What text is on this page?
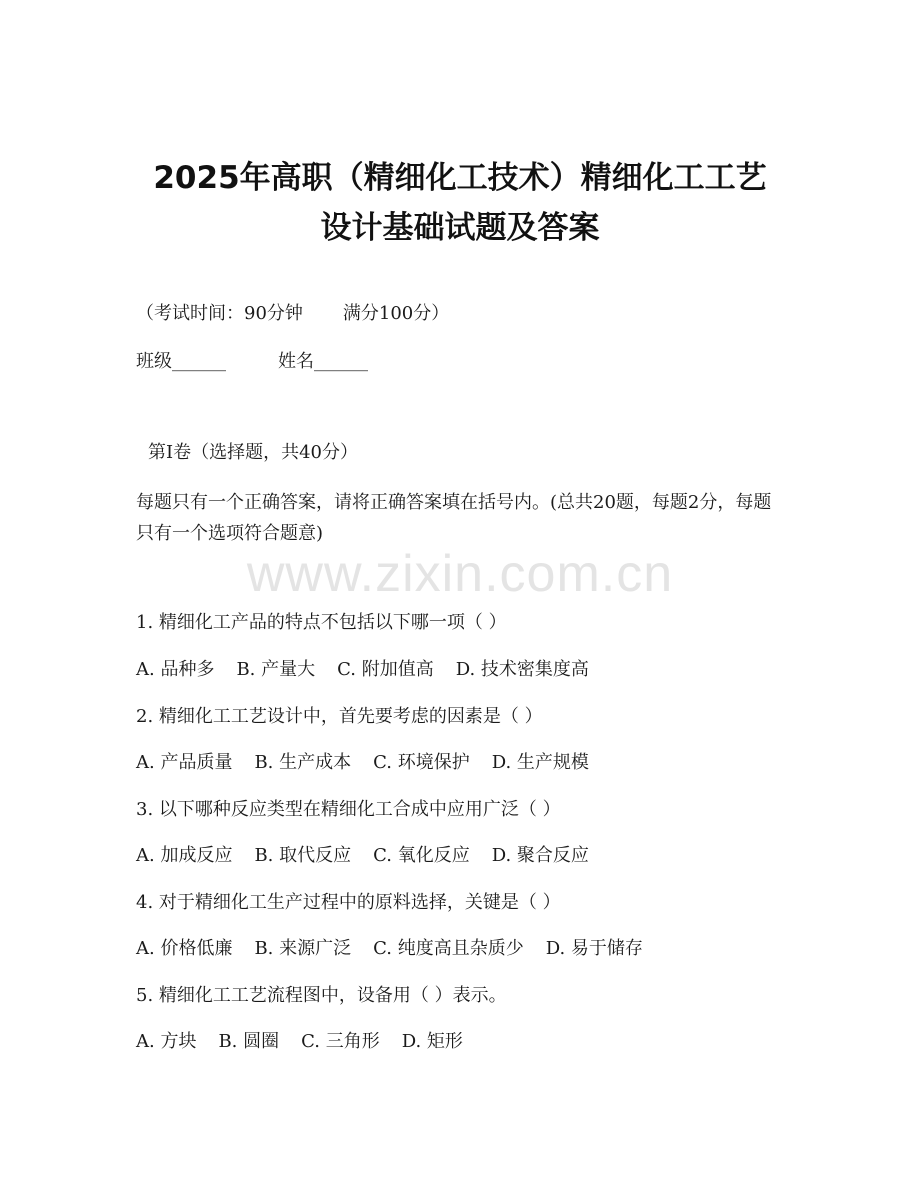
2025年高职（精细化工技术）精细化工工艺
设计基础试题及答案
（考试时间：90分钟 满分100分）
班级______	姓名______
第Ⅰ卷（选择题，共40分）
每题只有一个正确答案，请将正确答案填在括号内。(总共20题，每题2分，每题只有一个选项符合题意)
www.zixin.com.cn
1. 精细化工产品的特点不包括以下哪一项（ ）
A. 品种多 B. 产量大 C. 附加值高 D. 技术密集度高
2. 精细化工工艺设计中，首先要考虑的因素是（ ）
A. 产品质量 B. 生产成本 C. 环境保护 D. 生产规模
3. 以下哪种反应类型在精细化工合成中应用广泛（ ）
A. 加成反应 B. 取代反应 C. 氧化反应 D. 聚合反应
4. 对于精细化工生产过程中的原料选择，关键是（ ）
A. 价格低廉 B. 来源广泛 C. 纯度高且杂质少 D. 易于储存
5. 精细化工工艺流程图中，设备用（ ）表示。
A. 方块 B. 圆圈 C. 三角形 D. 矩形
